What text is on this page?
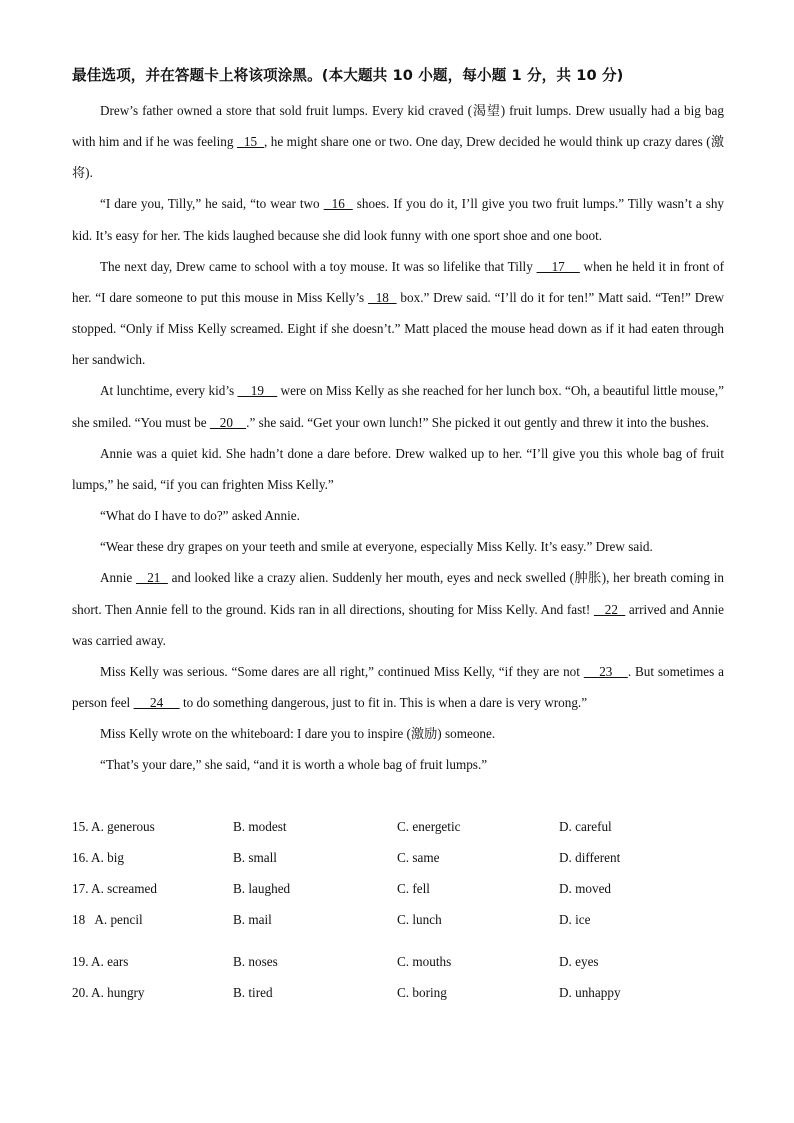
最佳选项，并在答题卡上将该项涂黑。(本大题共 10 小题，每小题 1 分，共 10 分)

Drew’s father owned a store that sold fruit lumps. Every kid craved (渴望) fruit lumps. Drew usually had a big bag with him and if he was feeling   15  , he might share one or two. One day, Drew decided he would think up crazy dares (激将).

“I dare you, Tilly,” he said, “to wear two   16   shoes. If you do it, I’ll give you two fruit lumps.” Tilly wasn’t a shy kid. It’s easy for her. The kids laughed because she did look funny with one sport shoe and one boot.

The next day, Drew came to school with a toy mouse. It was so lifelike that Tilly     17     when he held it in front of her. “I dare someone to put this mouse in Miss Kelly’s   18   box.” Drew said. “I’ll do it for ten!” Matt said. “Ten!” Drew stopped. “Only if Miss Kelly screamed. Eight if she doesn’t.” Matt placed the mouse head down as if it had eaten through her sandwich.

At lunchtime, every kid’s     19     were on Miss Kelly as she reached for her lunch box. “Oh, a beautiful little mouse,” she smiled. “You must be    20    .” she said. “Get your own lunch!” She picked it out gently and threw it into the bushes.

Annie was a quiet kid. She hadn’t done a dare before. Drew walked up to her. “I’ll give you this whole bag of fruit lumps,” he said, “if you can frighten Miss Kelly.”

“What do I have to do?” asked Annie.

“Wear these dry grapes on your teeth and smile at everyone, especially Miss Kelly. It’s easy.” Drew said.

Annie    21   and looked like a crazy alien. Suddenly her mouth, eyes and neck swelled (肿胀), her breath coming in short. Then Annie fell to the ground. Kids ran in all directions, shouting for Miss Kelly. And fast!    22   arrived and Annie was carried away.

Miss Kelly was serious. “Some dares are all right,” continued Miss Kelly, “if they are not     23    . But sometimes a person feel      24      to do something dangerous, just to fit in. This is when a dare is very wrong.”

Miss Kelly wrote on the whiteboard: I dare you to inspire (激励) someone.

“That’s your dare,” she said, “and it is worth a whole bag of fruit lumps.”

15. A. generous	B. modest	C. energetic	D. careful
16. A. big	B. small	C. same	D. different
17. A. screamed	B. laughed	C. fell	D. moved
18   A. pencil	B. mail	C. lunch	D. ice
19. A. ears	B. noses	C. mouths	D. eyes
20. A. hungry	B. tired	C. boring	D. unhappy
